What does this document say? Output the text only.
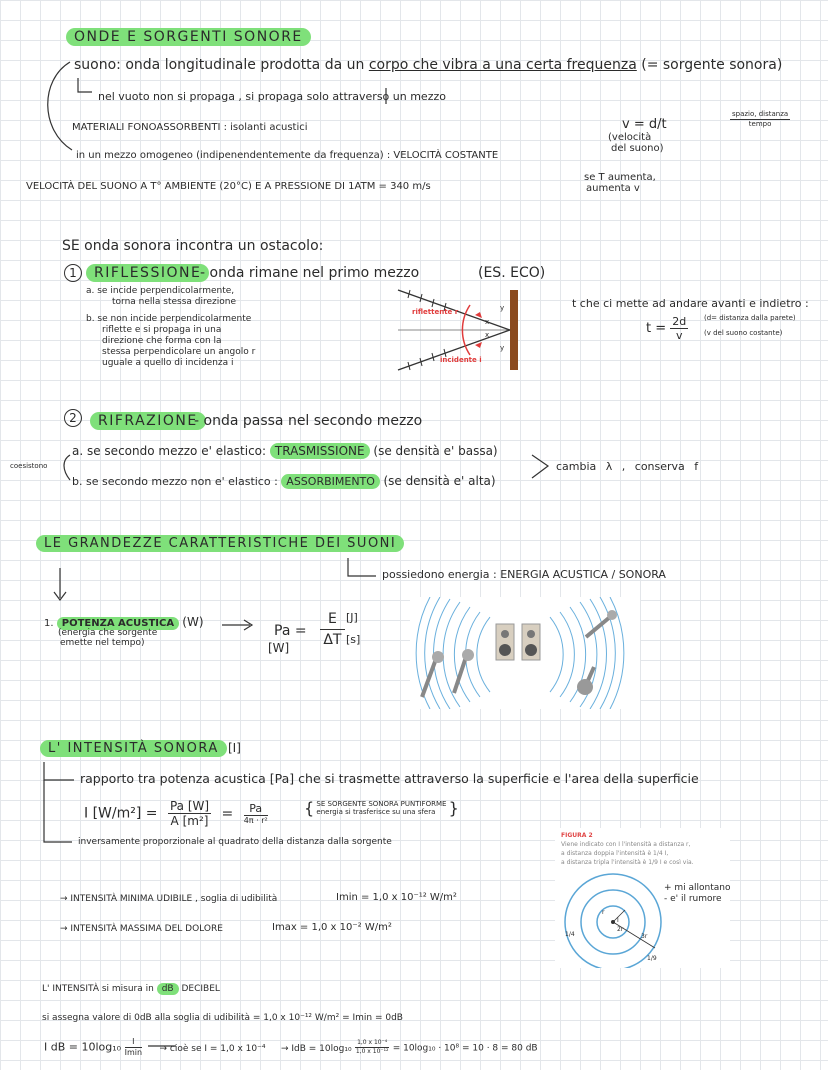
ONDE E SORGENTI SONORE
suono: onda longitudinale prodotta da un corpo che vibra a una certa frequenza (= sorgente sonora)
nel vuoto non si propaga , si propaga solo attraverso un mezzo
MATERIALI FONOASSORBENTI : isolanti acustici
in un mezzo omogeneo (indipenendentemente da frequenza) : VELOCITÀ COSTANTE
v = d/t
spazio, distanza
tempo
(velocità
del suono)
VELOCITÀ DEL SUONO A T° AMBIENTE (20°C) E A PRESSIONE DI 1ATM = 340 m/s
se T aumenta,
aumenta v
SE onda sonora incontra un ostacolo:
1	RIFLESSIONE
- onda rimane nel primo mezzo	(ES. ECO)
a. se incide perpendicolarmente,
torna nella stessa direzione
b. se non incide perpendicolarmente
riflette e si propaga in una
direzione che forma con la
stessa perpendicolare un angolo r
uguale a quello di incidenza i
riflettente r
incidente i
x
x
y
y
t che ci mette ad andare avanti e indietro :
$t = \frac{2d}{v} (d=$ distanza dalla parete)
(v del suono costante)
2	RIFRAZIONE
- onda passa nel secondo mezzo
coesistono
a. se secondo mezzo e' elastico: TRASMISSIONE (se densità e' bassa)
b. se secondo mezzo non e' elastico : ASSORBIMENTO (se densità e' alta)
cambia λ , conserva f
LE GRANDEZZE CARATTERISTICHE DEI SUONI
possiedono energia : ENERGIA ACUSTICA / SONORA
1. POTENZA ACUSTICA (W)
(energia che sorgente
emette nel tempo)
Pa =
[W]
$\frac{E}{\Delta T} [J]$
[s]
L' INTENSITÀ SONORA [I]
rapporto tra potenza acustica [Pa] che si trasmette attraverso la superficie e l'area della superficie
I $[W/m^2] = \frac{Pa [W]}{\text{A [m²]}}$ =	Pa
4π · r²
{ SE SORGENTE SONORA PUNTIFORME
energia si trasferisce su una sfera }
inversamente proporzionale al quadrato della distanza dalla sorgente
→ INTENSITÀ MINIMA UDIBILE , soglia di udibilità	Imin = 1,0 x 10⁻¹² W/m²
→ INTENSITÀ MASSIMA DEL DOLORE	Imax = 1,0 x 10⁻² W/m²
FIGURA 2
Viene indicato con I l'intensità a distanza r,
a distanza doppia l'intensità è 1/4 I,
a distanza tripla l'intensità è 1/9 I e così via.
r
2r
3r
I
1/4
1/9
+ mi allontano
- e' il rumore
L' INTENSITÀ si misura in dB DECIBEL
si assegna valore di 0dB alla soglia di udibilità = 1,0 x 10⁻¹² W/m² = Imin = 0dB
I dB = 10log₁₀	I
Imin → cioè se I = 1,0 x 10⁻⁴ → IdB = $10\log_{10} \frac{\text{1,0 x 10⁻⁴}}{\text{1,0 x 10⁻¹²}} = 10\log_{10} \cdot 10^8 = 10 \cdot 8 = 80$ dB
